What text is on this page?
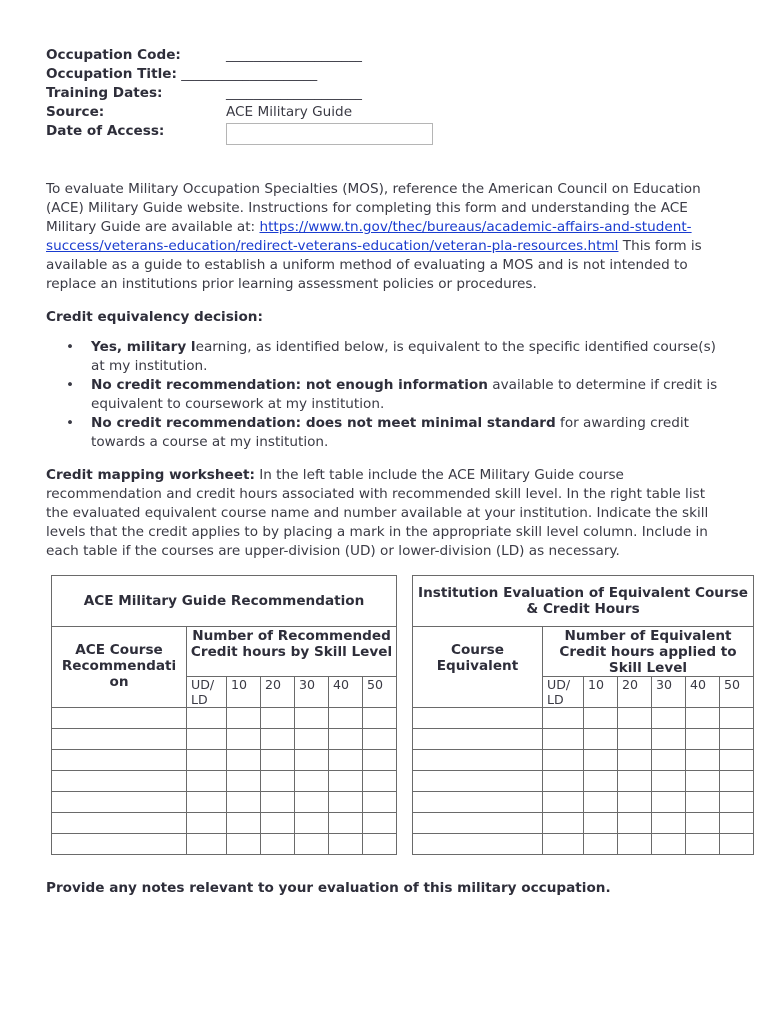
Occupation Code:	____________________
Occupation Title: ____________________
Training Dates:	____________________
Source:	ACE Military Guide
Date of Access:
To evaluate Military Occupation Specialties (MOS), reference the American Council on Education (ACE) Military Guide website. Instructions for completing this form and understanding the ACE Military Guide are available at: https://www.tn.gov/thec/bureaus/academic-affairs-and-student-success/veterans-education/redirect-veterans-education/veteran-pla-resources.html This form is available as a guide to establish a uniform method of evaluating a MOS and is not intended to replace an institutions prior learning assessment policies or procedures.
Credit equivalency decision:
• Yes, military learning, as identified below, is equivalent to the specific identified course(s) at my institution.
• No credit recommendation: not enough information available to determine if credit is equivalent to coursework at my institution.
• No credit recommendation: does not meet minimal standard for awarding credit towards a course at my institution.
Credit mapping worksheet: In the left table include the ACE Military Guide course recommendation and credit hours associated with recommended skill level. In the right table list the evaluated equivalent course name and number available at your institution. Indicate the skill levels that the credit applies to by placing a mark in the appropriate skill level column. Include in each table if the courses are upper-division (UD) or lower-division (LD) as necessary.
ACE Military Guide Recommendation						
ACE Course Recommendati on	Number of Recommended Credit hours by Skill Level					
	UD/ LD	10	20	30	40	50

Institution Evaluation of Equivalent Course & Credit Hours						
Course Equivalent	Number of Equivalent Credit hours applied to Skill Level					
	UD/ LD	10	20	30	40	50

Provide any notes relevant to your evaluation of this military occupation.
